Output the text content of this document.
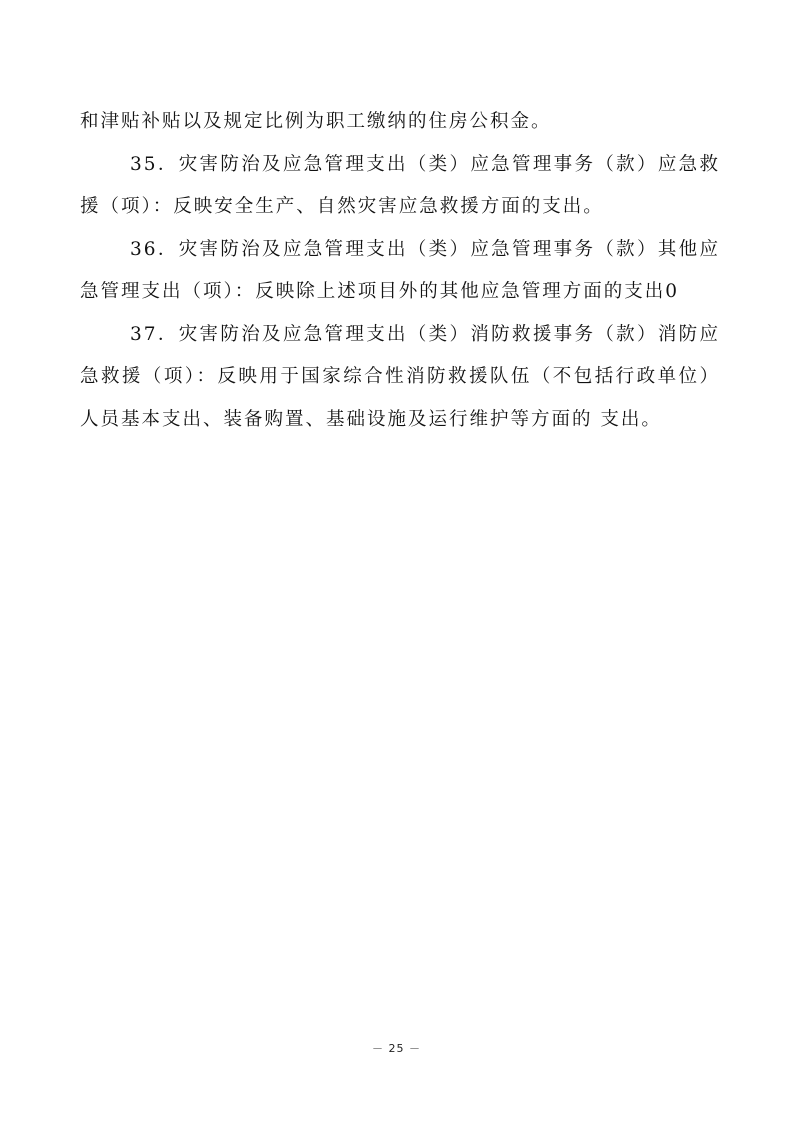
和津贴补贴以及规定比例为职工缴纳的住房公积金。

35．灾害防治及应急管理支出（类）应急管理事务（款）应急救援（项）：反映安全生产、自然灾害应急救援方面的支出。

36．灾害防治及应急管理支出（类）应急管理事务（款）其他应急管理支出（项）：反映除上述项目外的其他应急管理方面的支出0

37．灾害防治及应急管理支出（类）消防救援事务（款）消防应急救援（项）：反映用于国家综合性消防救援队伍（不包括行政单位）人员基本支出、装备购置、基础设施及运行维护等方面的 支出。

－ 25 －
